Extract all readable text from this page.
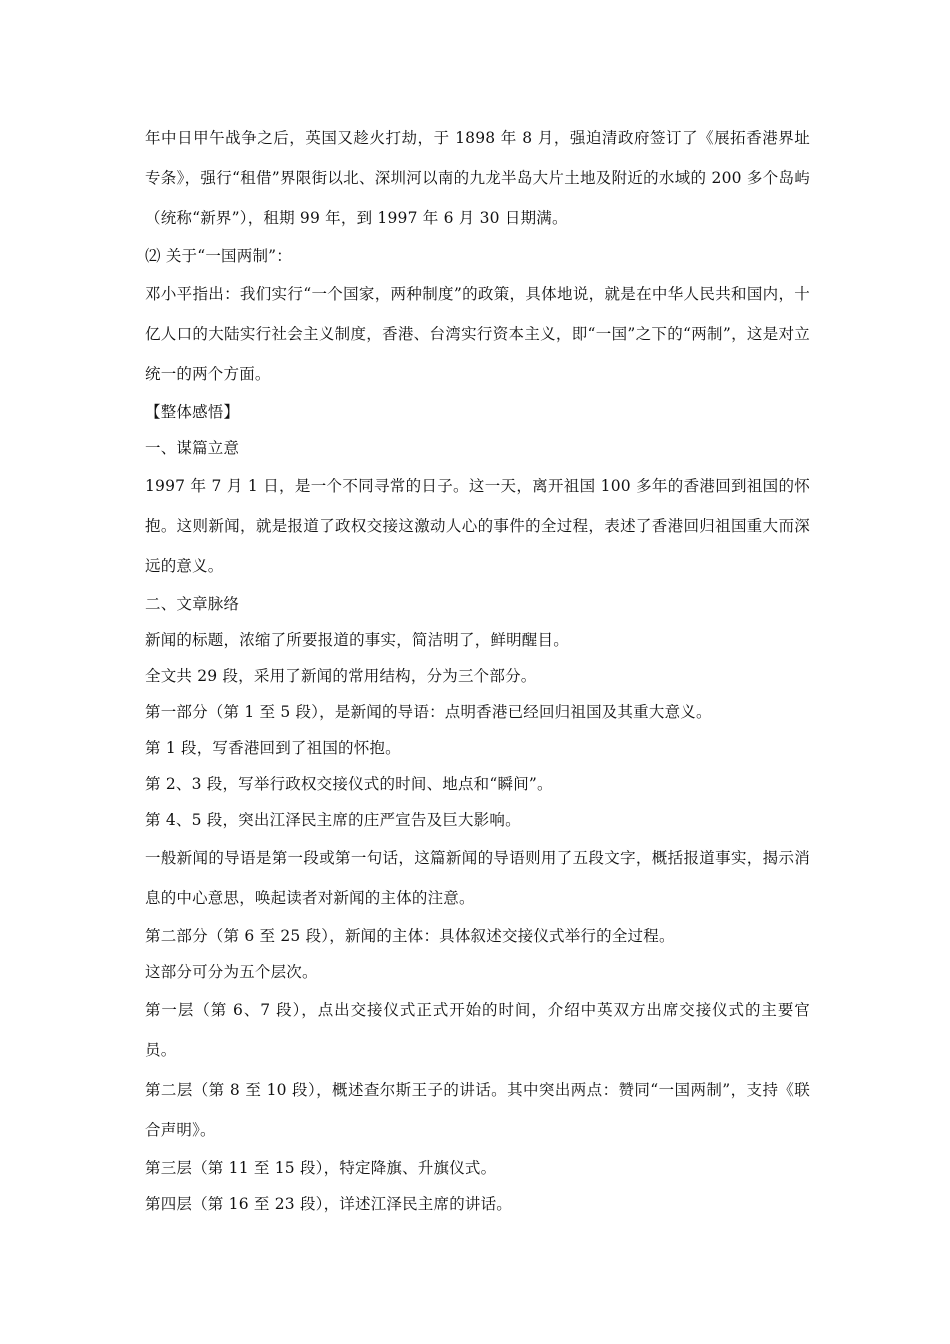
年中日甲午战争之后，英国又趁火打劫，于 1898 年 8 月，强迫清政府签订了《展拓香港界址专条》，强行“租借”界限街以北、深圳河以南的九龙半岛大片土地及附近的水域的 200 多个岛屿（统称“新界”），租期 99 年，到 1997 年 6 月 30 日期满。

⑵ 关于“一国两制”：

邓小平指出：我们实行“一个国家，两种制度”的政策，具体地说，就是在中华人民共和国内，十亿人口的大陆实行社会主义制度，香港、台湾实行资本主义，即“一国”之下的“两制”，这是对立统一的两个方面。

【整体感悟】

一、谋篇立意

1997 年 7 月 1 日，是一个不同寻常的日子。这一天，离开祖国 100 多年的香港回到祖国的怀抱。这则新闻，就是报道了政权交接这激动人心的事件的全过程，表述了香港回归祖国重大而深远的意义。

二、文章脉络

新闻的标题，浓缩了所要报道的事实，简洁明了，鲜明醒目。

全文共 29 段，采用了新闻的常用结构，分为三个部分。

第一部分（第 1 至 5 段），是新闻的导语：点明香港已经回归祖国及其重大意义。

第 1 段，写香港回到了祖国的怀抱。

第 2、3 段，写举行政权交接仪式的时间、地点和“瞬间”。

第 4、5 段，突出江泽民主席的庄严宣告及巨大影响。

一般新闻的导语是第一段或第一句话，这篇新闻的导语则用了五段文字，概括报道事实，揭示消息的中心意思，唤起读者对新闻的主体的注意。

第二部分（第 6 至 25 段），新闻的主体：具体叙述交接仪式举行的全过程。

这部分可分为五个层次。

第一层（第 6、7 段），点出交接仪式正式开始的时间，介绍中英双方出席交接仪式的主要官员。

第二层（第 8 至 10 段），概述查尔斯王子的讲话。其中突出两点：赞同“一国两制”，支持《联合声明》。

第三层（第 11 至 15 段），特定降旗、升旗仪式。

第四层（第 16 至 23 段），详述江泽民主席的讲话。
